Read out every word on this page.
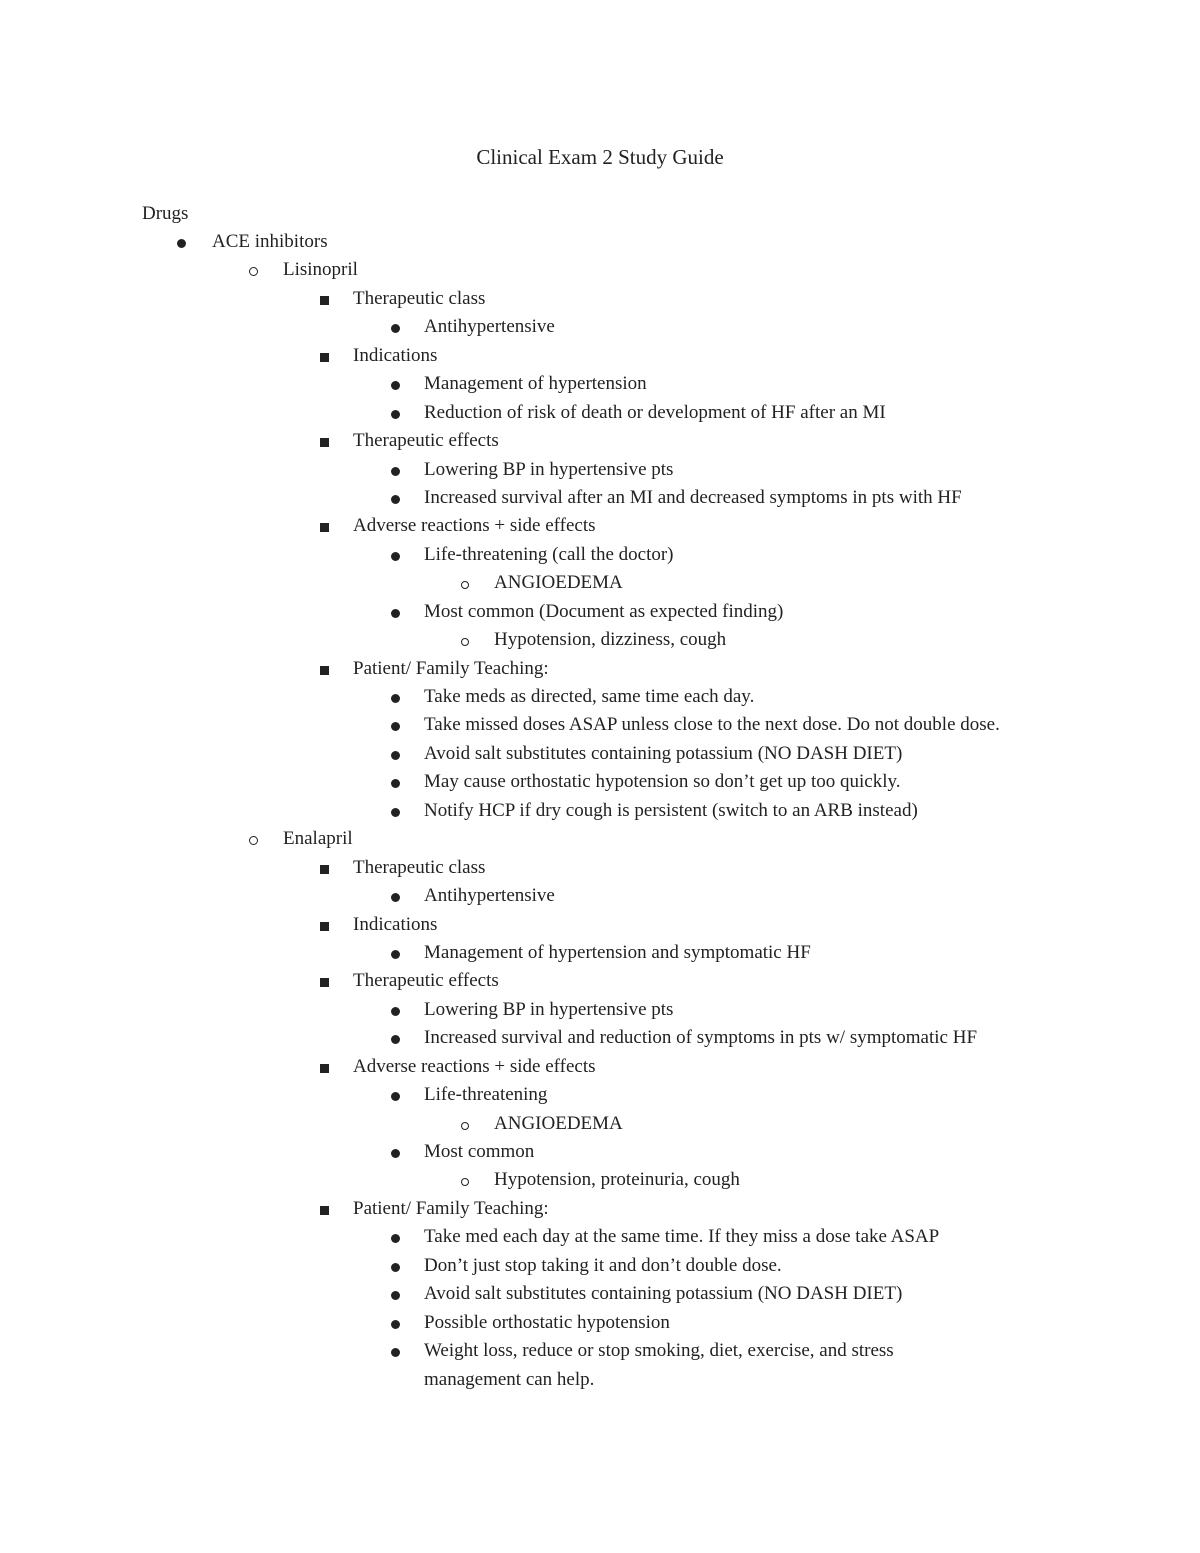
Clinical Exam 2 Study Guide
Drugs
ACE inhibitors
Lisinopril
Therapeutic class
Antihypertensive
Indications
Management of hypertension
Reduction of risk of death or development of HF after an MI
Therapeutic effects
Lowering BP in hypertensive pts
Increased survival after an MI and decreased symptoms in pts with HF
Adverse reactions + side effects
Life-threatening (call the doctor)
ANGIOEDEMA
Most common (Document as expected finding)
Hypotension, dizziness, cough
Patient/ Family Teaching:
Take meds as directed, same time each day.
Take missed doses ASAP unless close to the next dose. Do not double dose.
Avoid salt substitutes containing potassium (NO DASH DIET)
May cause orthostatic hypotension so don’t get up too quickly.
Notify HCP if dry cough is persistent (switch to an ARB instead)
Enalapril
Therapeutic class
Antihypertensive
Indications
Management of hypertension and symptomatic HF
Therapeutic effects
Lowering BP in hypertensive pts
Increased survival and reduction of symptoms in pts w/ symptomatic HF
Adverse reactions + side effects
Life-threatening
ANGIOEDEMA
Most common
Hypotension, proteinuria, cough
Patient/ Family Teaching:
Take med each day at the same time. If they miss a dose take ASAP
Don’t just stop taking it and don’t double dose.
Avoid salt substitutes containing potassium (NO DASH DIET)
Possible orthostatic hypotension
Weight loss, reduce or stop smoking, diet, exercise, and stress management can help.
